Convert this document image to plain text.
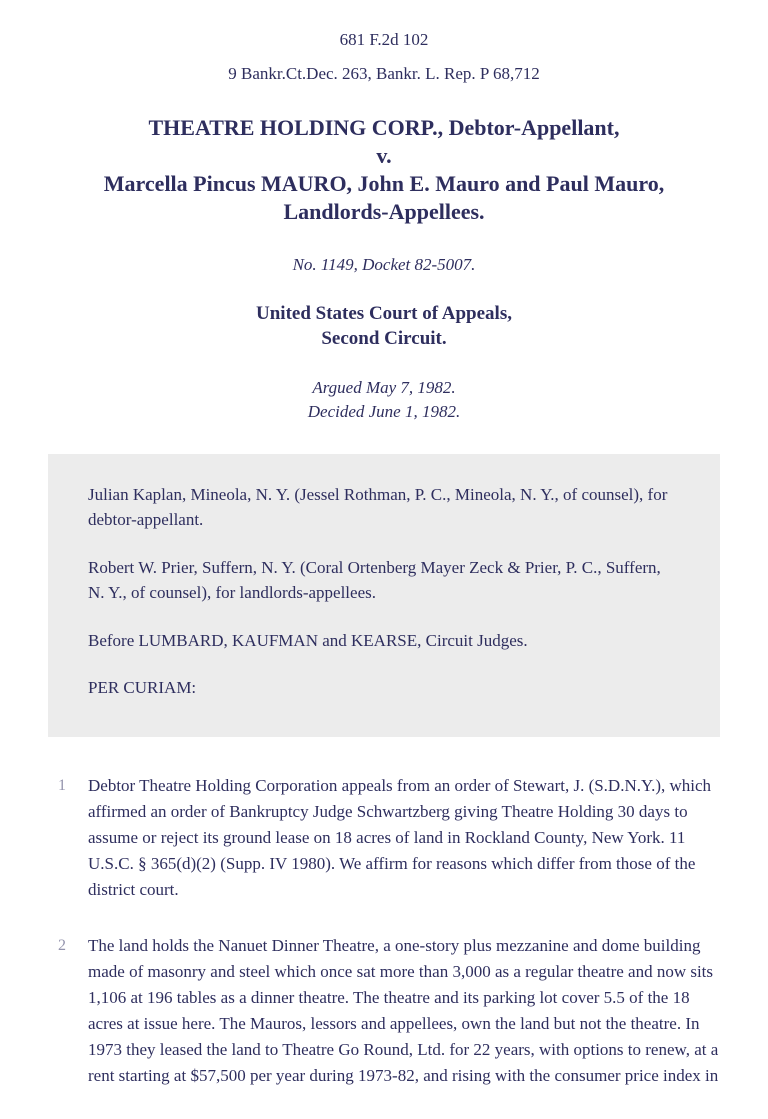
681 F.2d 102
9 Bankr.Ct.Dec. 263, Bankr. L. Rep. P 68,712
THEATRE HOLDING CORP., Debtor-Appellant,
v.
Marcella Pincus MAURO, John E. Mauro and Paul Mauro,
Landlords-Appellees.
No. 1149, Docket 82-5007.
United States Court of Appeals,
Second Circuit.
Argued May 7, 1982.
Decided June 1, 1982.

Julian Kaplan, Mineola, N. Y. (Jessel Rothman, P. C., Mineola, N. Y., of counsel), for debtor-appellant.

Robert W. Prier, Suffern, N. Y. (Coral Ortenberg Mayer Zeck & Prier, P. C., Suffern, N. Y., of counsel), for landlords-appellees.

Before LUMBARD, KAUFMAN and KEARSE, Circuit Judges.

PER CURIAM:

1	Debtor Theatre Holding Corporation appeals from an order of Stewart, J. (S.D.N.Y.), which affirmed an order of Bankruptcy Judge Schwartzberg giving Theatre Holding 30 days to assume or reject its ground lease on 18 acres of land in Rockland County, New York. 11 U.S.C. § 365(d)(2) (Supp. IV 1980). We affirm for reasons which differ from those of the district court.
2	The land holds the Nanuet Dinner Theatre, a one-story plus mezzanine and dome building made of masonry and steel which once sat more than 3,000 as a regular theatre and now sits 1,106 at 196 tables as a dinner theatre. The theatre and its parking lot cover 5.5 of the 18 acres at issue here. The Mauros, lessors and appellees, own the land but not the theatre. In 1973 they leased the land to Theatre Go Round, Ltd. for 22 years, with options to renew, at a rent starting at $57,500 per year during 1973-82, and rising with the consumer price index in
